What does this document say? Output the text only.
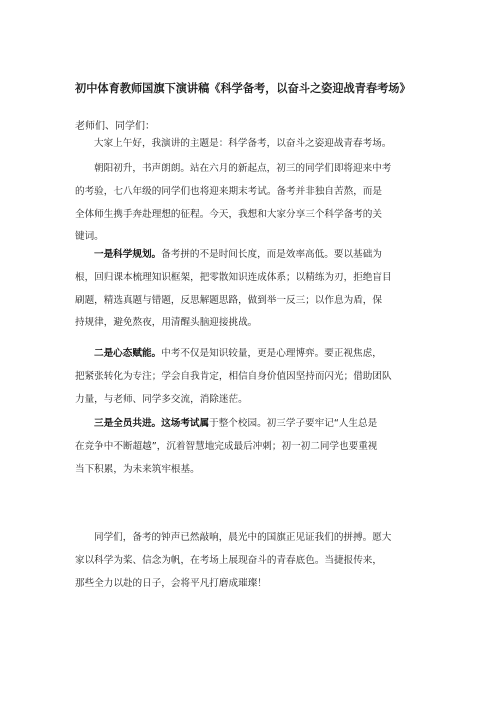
初中体育教师国旗下演讲稿《科学备考，以奋斗之姿迎战青春考场》
老师们、同学们：
大家上午好，我演讲的主题是：科学备考，以奋斗之姿迎战青春考场。
朝阳初升，书声朗朗。站在六月的新起点，初三的同学们即将迎来中考
的考验，七八年级的同学们也将迎来期末考试。备考并非独自苦熬，而是
全体师生携手奔赴理想的征程。今天，我想和大家分享三个科学备考的关
键词。
一是科学规划。备考拼的不是时间长度，而是效率高低。要以基础为
根，回归课本梳理知识框架，把零散知识连成体系；以精练为刃，拒绝盲目
刷题，精选真题与错题，反思解题思路，做到举一反三；以作息为盾，保
持规律，避免熬夜，用清醒头脑迎接挑战。
二是心态赋能。中考不仅是知识较量，更是心理博弈。要正视焦虑，
把紧张转化为专注；学会自我肯定，相信自身价值因坚持而闪光；借助团队
力量，与老师、同学多交流，消除迷茫。
三是全员共进。这场考试属于整个校园。初三学子要牢记“人生总是
在竞争中不断超越”，沉着智慧地完成最后冲刺；初一初二同学也要重视
当下积累，为未来筑牢根基。
同学们，备考的钟声已然敲响，晨光中的国旗正见证我们的拼搏。愿大
家以科学为桨、信念为帆，在考场上展现奋斗的青春底色。当捷报传来，
那些全力以赴的日子，会将平凡打磨成璀璨！
